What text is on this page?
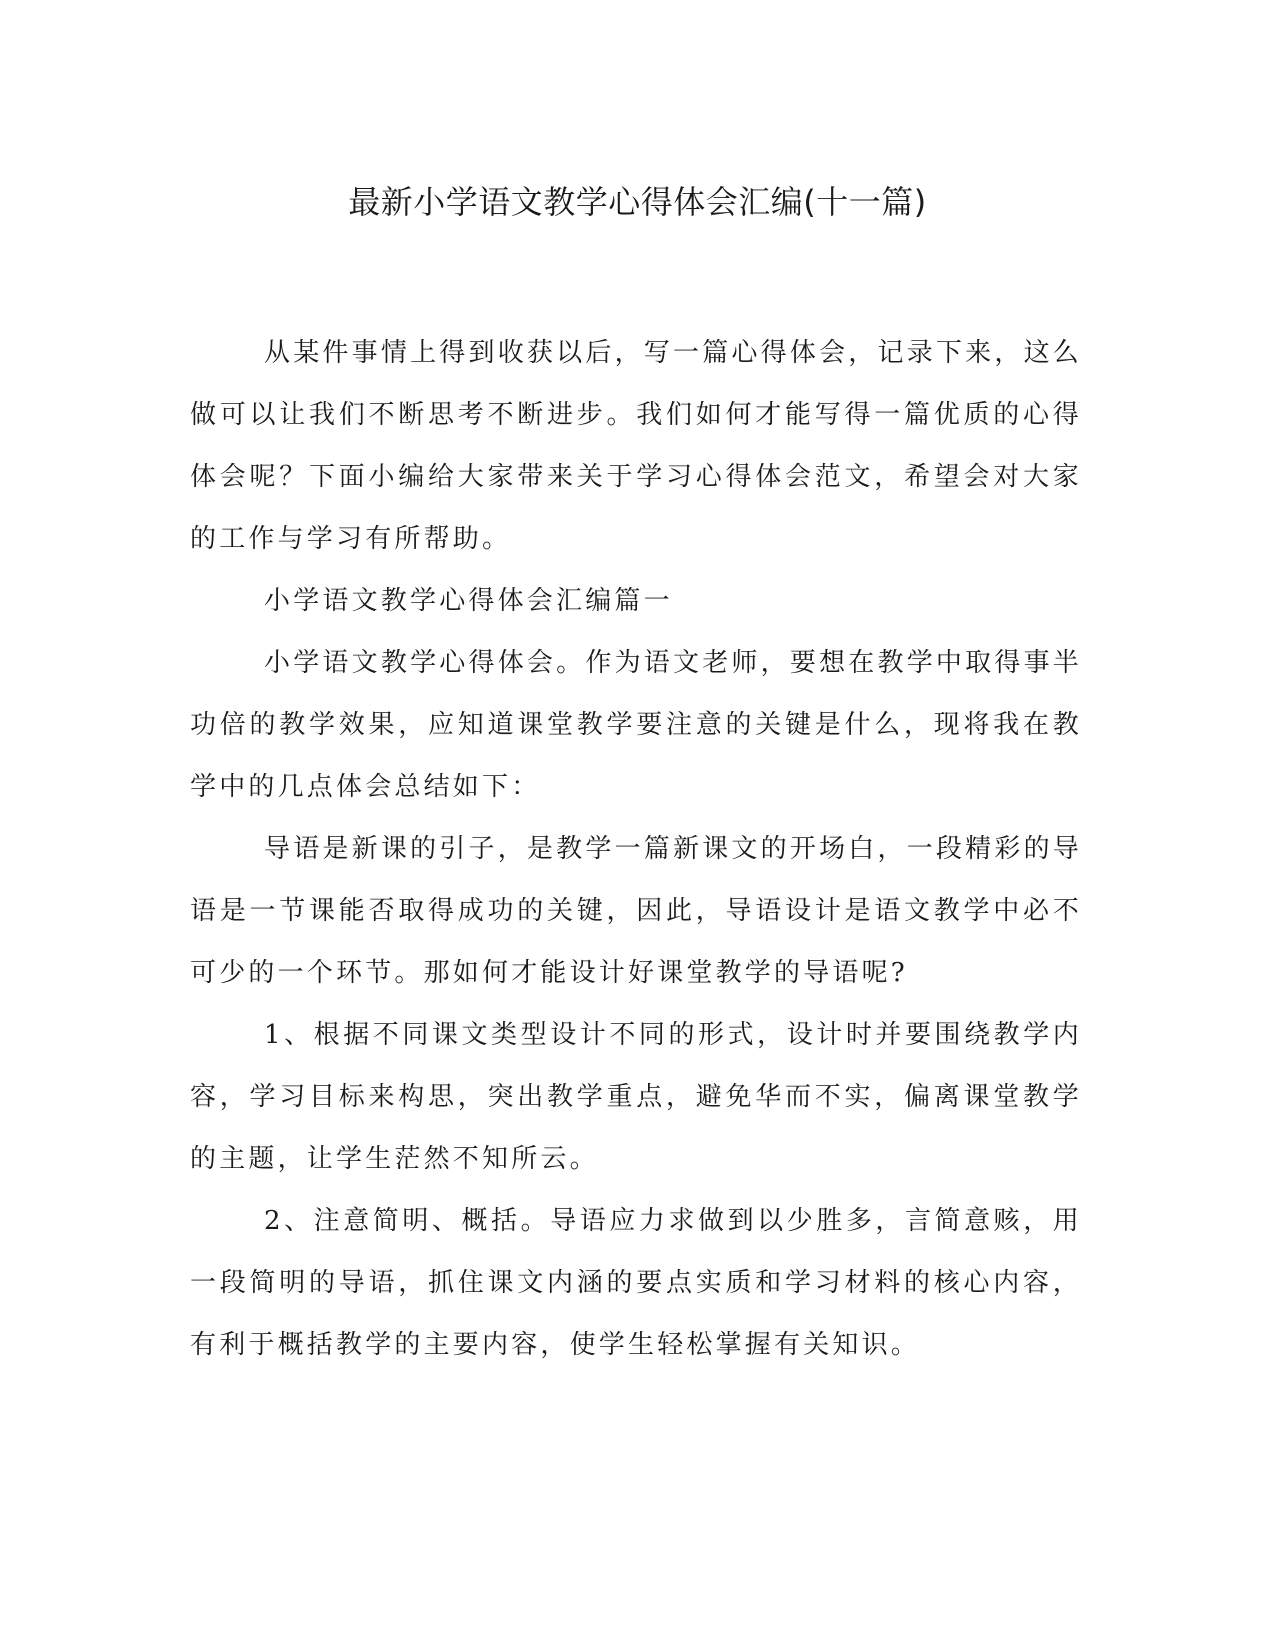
最新小学语文教学心得体会汇编(十一篇)

从某件事情上得到收获以后，写一篇心得体会，记录下来，这么做可以让我们不断思考不断进步。我们如何才能写得一篇优质的心得体会呢？下面小编给大家带来关于学习心得体会范文，希望会对大家的工作与学习有所帮助。

小学语文教学心得体会汇编篇一

小学语文教学心得体会。作为语文老师，要想在教学中取得事半功倍的教学效果，应知道课堂教学要注意的关键是什么，现将我在教学中的几点体会总结如下：

导语是新课的引子，是教学一篇新课文的开场白，一段精彩的导语是一节课能否取得成功的关键，因此，导语设计是语文教学中必不可少的一个环节。那如何才能设计好课堂教学的导语呢?

1、根据不同课文类型设计不同的形式，设计时并要围绕教学内容，学习目标来构思，突出教学重点，避免华而不实，偏离课堂教学的主题，让学生茫然不知所云。

2、注意简明、概括。导语应力求做到以少胜多，言简意赅，用一段简明的导语，抓住课文内涵的要点实质和学习材料的核心内容，有利于概括教学的主要内容，使学生轻松掌握有关知识。
